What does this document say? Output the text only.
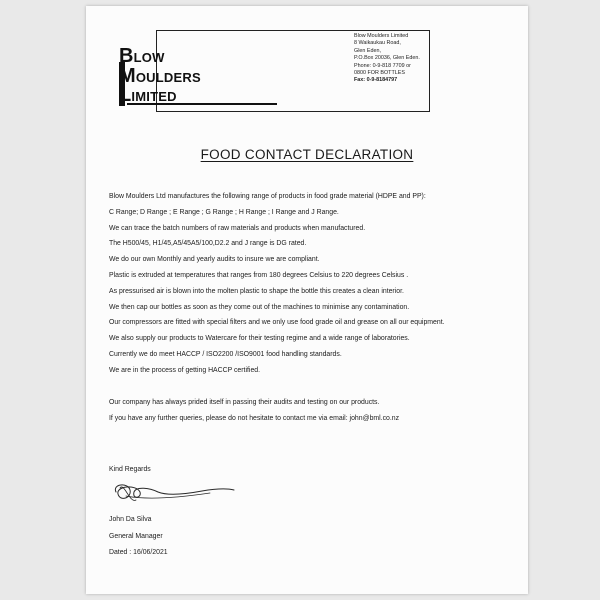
BLOW
MOULDERS
LIMITED
Blow Moulders Limited
8 Waikaukau Road,
Glen Eden,
P.O.Box 20036, Glen Eden.
Phone: 0-9-818 7709 or
0800 FOR BOTTLES
Fax: 0-9-8184797
FOOD CONTACT DECLARATION
Blow Moulders Ltd manufactures the following range of products in food grade material (HDPE and PP):
C Range; D Range ; E Range ; G Range ; H Range ; I Range and J Range.
We can trace the batch numbers of raw materials and products when manufactured.
The H500/45, H1/45,A5/45A5/100,D2.2 and J range is DG rated.
We do our own Monthly and yearly audits to insure we are compliant.
Plastic is extruded at temperatures that ranges from 180 degrees Celsius to 220 degrees Celsius .
As pressurised air is blown into the molten plastic to shape the bottle this creates a clean interior.
We then cap our bottles as soon as they come out of the machines to minimise any contamination.
Our compressors are fitted with special filters and we only use food grade oil and grease on all our equipment.
We also supply our products to Watercare for their testing regime and a wide range of laboratories.
Currently we do meet HACCP / ISO2200 /ISO9001 food handling standards.
We are in the process of getting HACCP certified.
Our company has always prided itself in passing their audits and testing on our products.
If you have any further queries, please do not hesitate to contact me via email: john@bml.co.nz
Kind Regards
John Da Silva
General Manager
Dated : 16/06/2021
